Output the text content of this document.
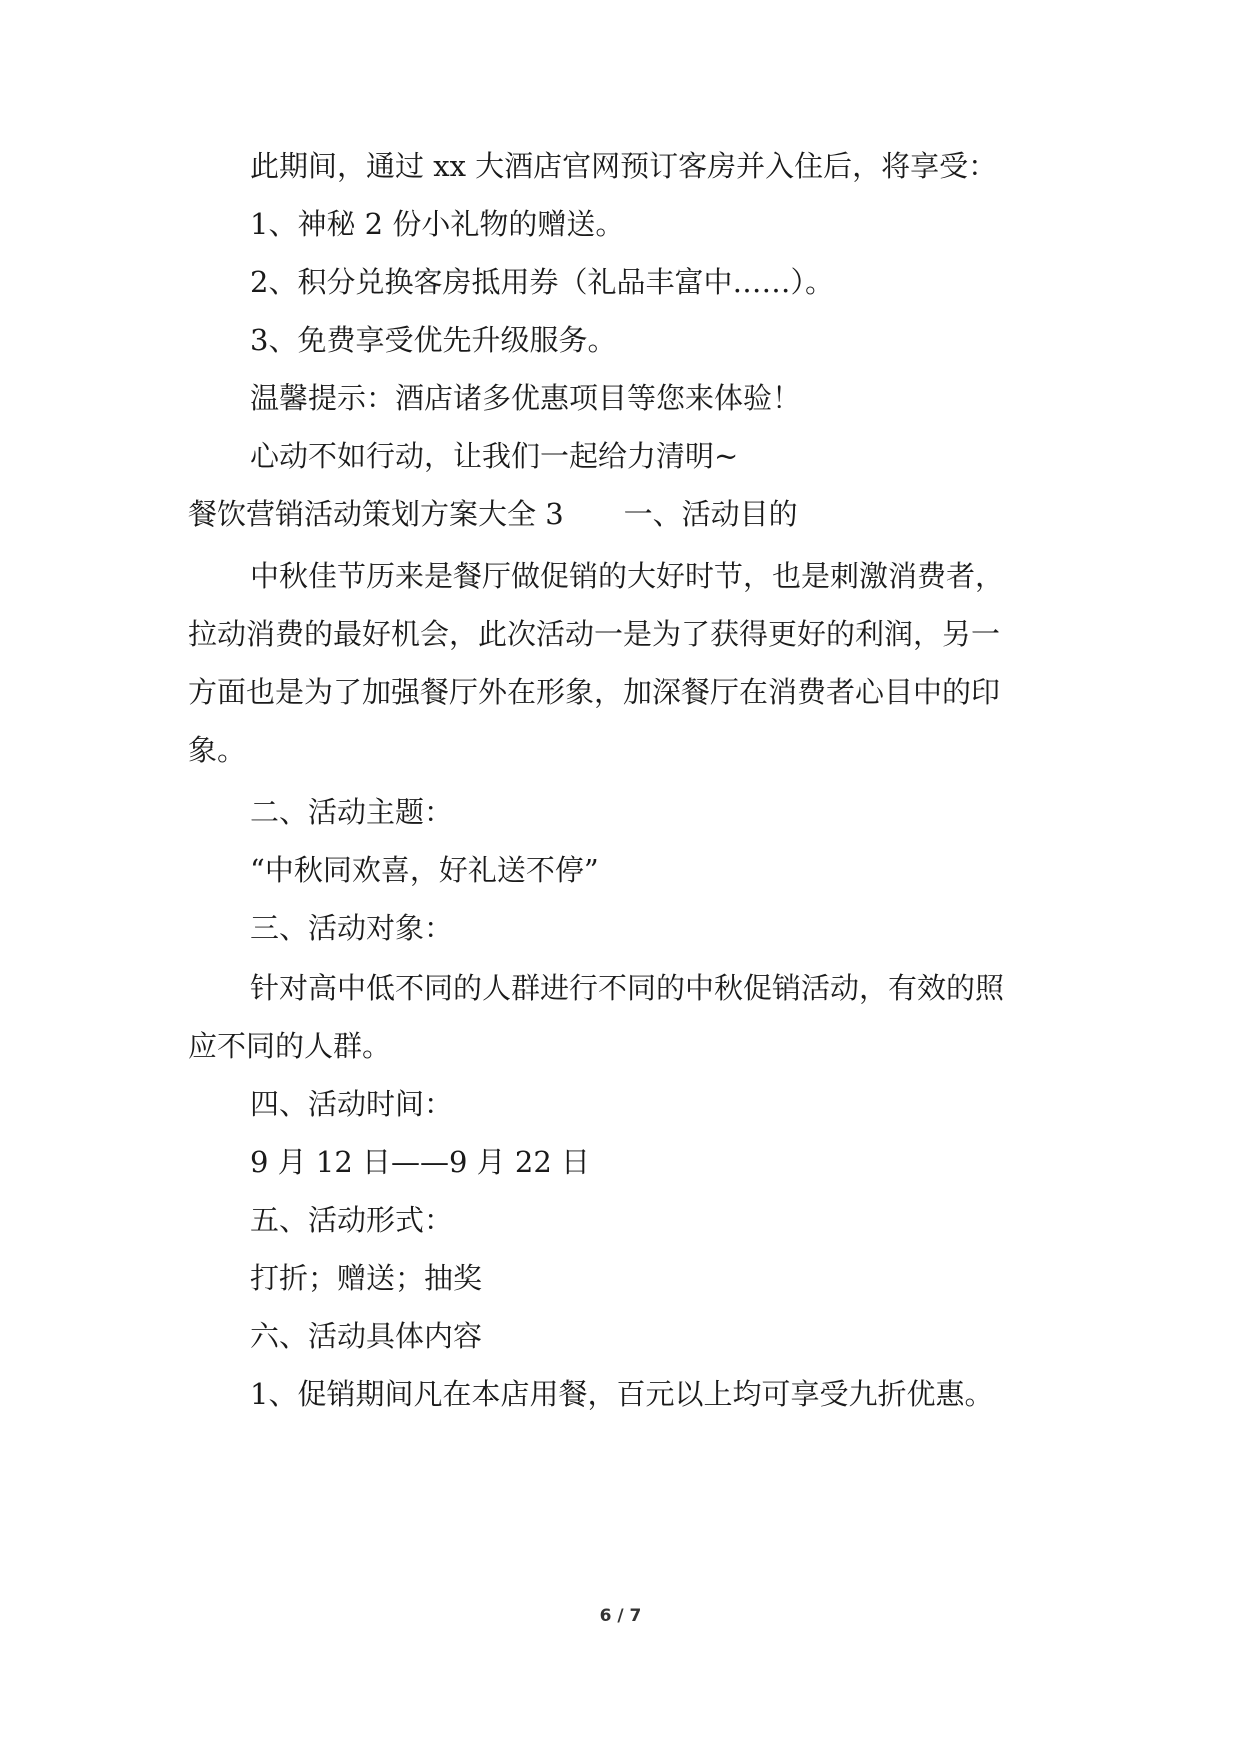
此期间，通过 xx 大酒店官网预订客房并入住后，将享受：
1、神秘 2 份小礼物的赠送。
2、积分兑换客房抵用券（礼品丰富中……）。
3、免费享受优先升级服务。
温馨提示：酒店诸多优惠项目等您来体验！
心动不如行动，让我们一起给力清明~
餐饮营销活动策划方案大全 3 一、活动目的
中秋佳节历来是餐厅做促销的大好时节，也是刺激消费者，
拉动消费的最好机会，此次活动一是为了获得更好的利润，另一
方面也是为了加强餐厅外在形象，加深餐厅在消费者心目中的印
象。
二、活动主题：
“中秋同欢喜，好礼送不停”
三、活动对象：
针对高中低不同的人群进行不同的中秋促销活动，有效的照
应不同的人群。
四、活动时间：
9 月 12 日——9 月 22 日
五、活动形式：
打折；赠送；抽奖
六、活动具体内容
1、促销期间凡在本店用餐，百元以上均可享受九折优惠。
6 / 7
